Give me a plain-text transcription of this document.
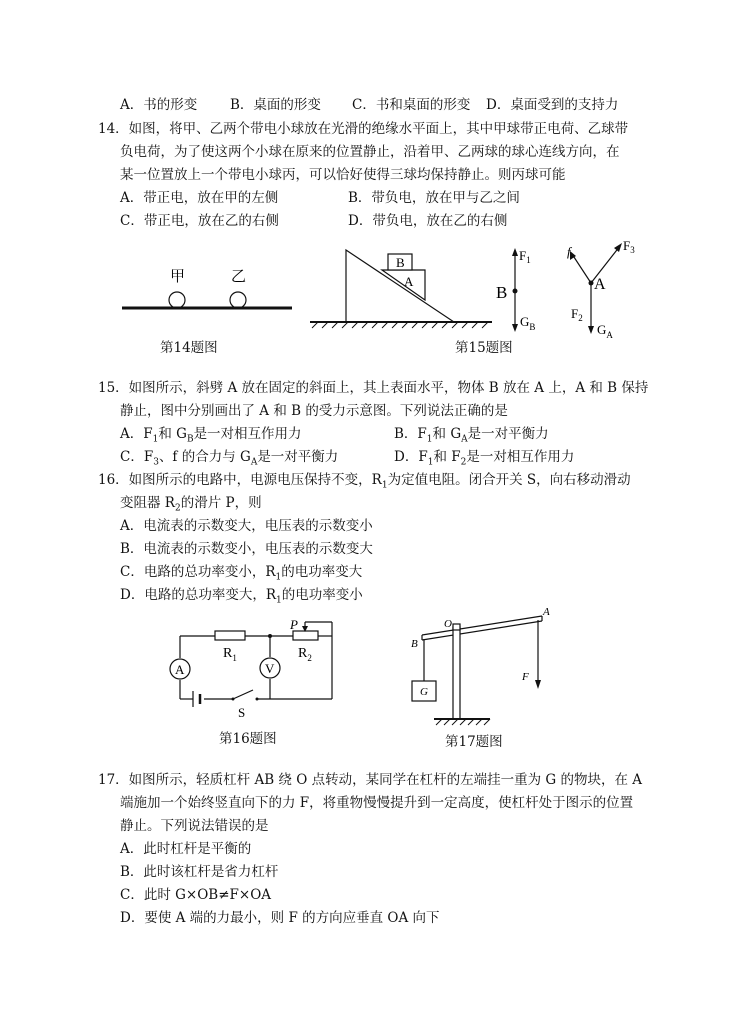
A．书的形变 B．桌面的形变 C．书和桌面的形变 D．桌面受到的支持力
14．如图，将甲、乙两个带电小球放在光滑的绝缘水平面上，其中甲球带正电荷、乙球带
负电荷，为了使这两个小球在原来的位置静止，沿着甲、乙两球的球心连线方向，在
某一位置放上一个带电小球丙，可以恰好使得三球均保持静止。则丙球可能
A．带正电，放在甲的左侧	B．带负电，放在甲与乙之间
C．带正电，放在乙的右侧	D．带负电，放在乙的右侧
甲	乙
第14题图
A
B
B
$F_1$
$G_B$
A
f	$F_3$
$F_2$
$G_A$
第15题图
15．如图所示，斜劈 A 放在固定的斜面上，其上表面水平，物体 B 放在 A 上，A 和 B 保持
静止，图中分别画出了 A 和 B 的受力示意图。下列说法正确的是
A．$F_1$和 $G_B$是一对相互作用力	B．$F_1$和 $G_A$是一对平衡力
C．$F_3$、f 的合力与 $G_A$是一对平衡力	D．$F_1$和 $F_2$是一对相互作用力
16．如图所示的电路中，电源电压保持不变，$R_1$为定值电阻。闭合开关 S，向右移动滑动
变阻器 $R_2$的滑片 P，则
A．电流表的示数变大，电压表的示数变小
B．电流表的示数变小，电压表的示数变大
C．电路的总功率变小，$R_1$的电功率变大
D．电路的总功率变大，$R_1$的电功率变小
A	V
$R_1$	$R_2$
P
S
第16题图
G
O
A
B
F
第17题图
17．如图所示，轻质杠杆 AB 绕 O 点转动，某同学在杠杆的左端挂一重为 G 的物块，在 A
端施加一个始终竖直向下的力 F，将重物慢慢提升到一定高度，使杠杆处于图示的位置
静止。下列说法错误的是
A．此时杠杆是平衡的
B．此时该杠杆是省力杠杆
C．此时 G×OB≠F×OA
D．要使 A 端的力最小，则 F 的方向应垂直 OA 向下
